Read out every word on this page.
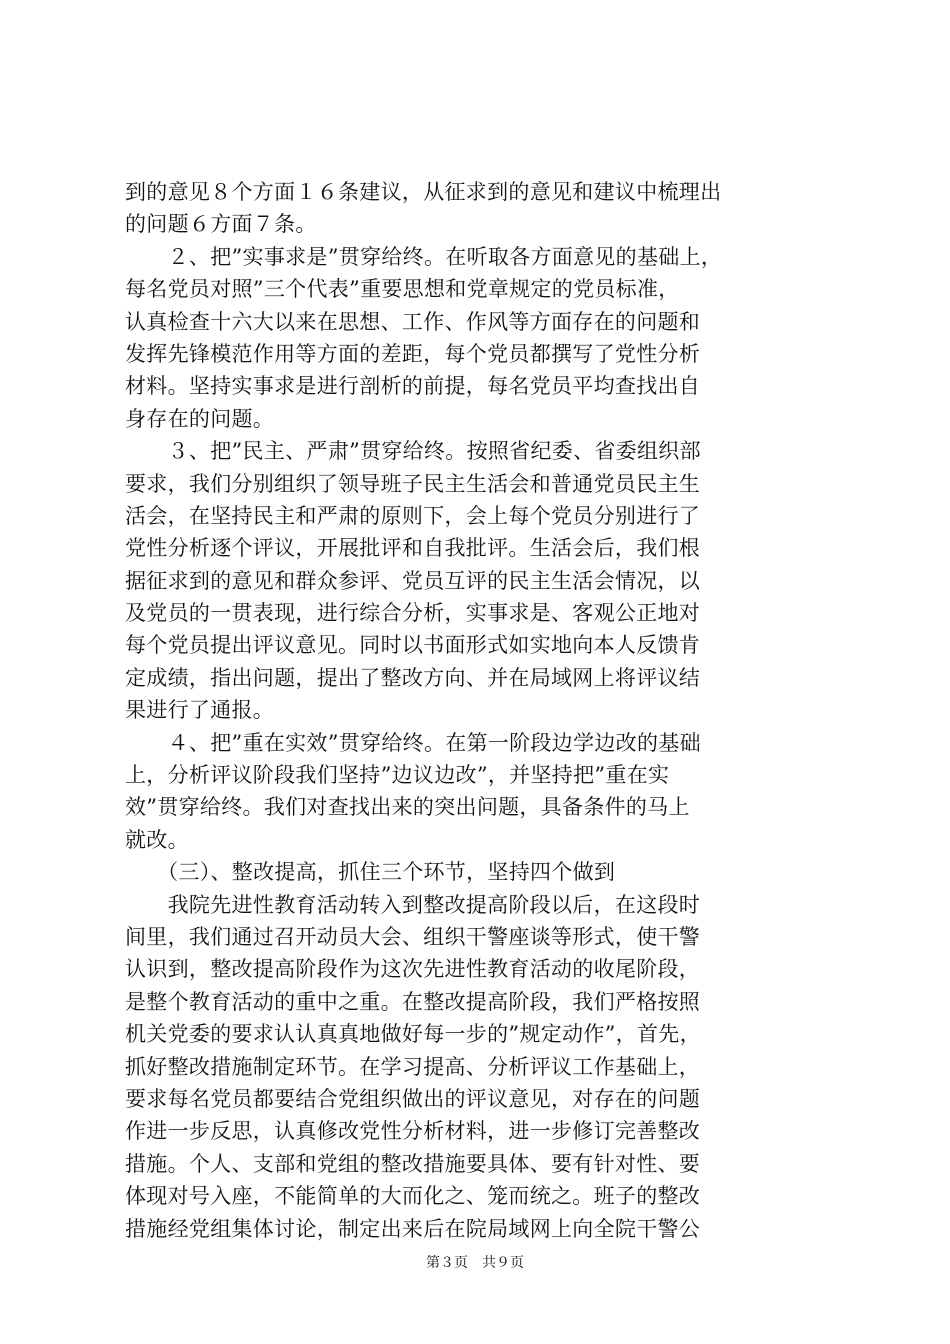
到的意见８个方面１６条建议，从征求到的意见和建议中梳理出
的问题６方面７条。
　　２、把”实事求是”贯穿给终。在听取各方面意见的基础上，
每名党员对照”三个代表”重要思想和党章规定的党员标准，
认真检查十六大以来在思想、工作、作风等方面存在的问题和
发挥先锋模范作用等方面的差距，每个党员都撰写了党性分析
材料。坚持实事求是进行剖析的前提，每名党员平均查找出自
身存在的问题。
　　３、把”民主、严肃”贯穿给终。按照省纪委、省委组织部
要求，我们分别组织了领导班子民主生活会和普通党员民主生
活会，在坚持民主和严肃的原则下，会上每个党员分别进行了
党性分析逐个评议，开展批评和自我批评。生活会后，我们根
据征求到的意见和群众参评、党员互评的民主生活会情况，以
及党员的一贯表现，进行综合分析，实事求是、客观公正地对
每个党员提出评议意见。同时以书面形式如实地向本人反馈肯
定成绩，指出问题，提出了整改方向、并在局域网上将评议结
果进行了通报。
　　４、把”重在实效”贯穿给终。在第一阶段边学边改的基础
上，分析评议阶段我们坚持”边议边改”，并坚持把”重在实
效”贯穿给终。我们对查找出来的突出问题，具备条件的马上
就改。
　　（三）、整改提高，抓住三个环节，坚持四个做到
　　我院先进性教育活动转入到整改提高阶段以后，在这段时
间里，我们通过召开动员大会、组织干警座谈等形式，使干警
认识到，整改提高阶段作为这次先进性教育活动的收尾阶段，
是整个教育活动的重中之重。在整改提高阶段，我们严格按照
机关党委的要求认认真真地做好每一步的”规定动作”，首先，
抓好整改措施制定环节。在学习提高、分析评议工作基础上，
要求每名党员都要结合党组织做出的评议意见，对存在的问题
作进一步反思，认真修改党性分析材料，进一步修订完善整改
措施。个人、支部和党组的整改措施要具体、要有针对性、要
体现对号入座，不能简单的大而化之、笼而统之。班子的整改
措施经党组集体讨论，制定出来后在院局域网上向全院干警公
第３页　共９页
